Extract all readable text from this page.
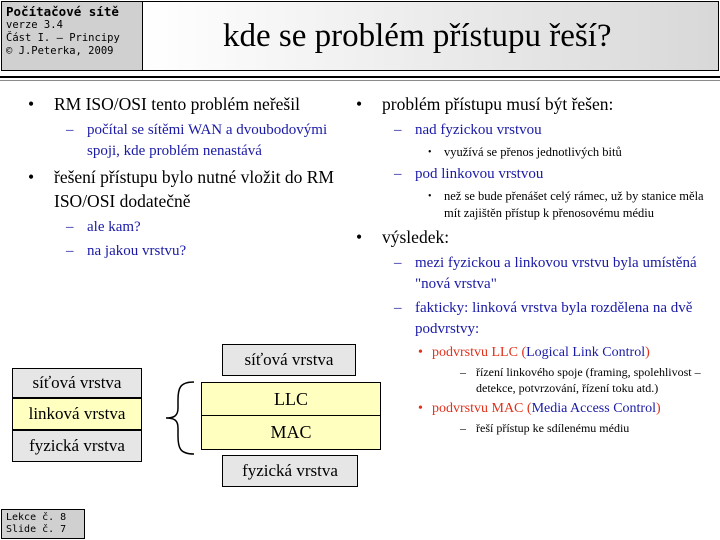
Počítačové sítě
verze 3.4
Část I. – Principy
© J.Peterka, 2009	kde se problém přístupu řeší?
• RM ISO/OSI tento problém neřešil
– počítal se sítěmi WAN a dvoubodovými spoji, kde problém nenastává
• řešení přístupu bylo nutné vložit do RM ISO/OSI dodatečně
– ale kam?
– na jakou vrstvu?
• problém přístupu musí být řešen:
– nad fyzickou vrstvou
• využívá se přenos jednotlivých bitů
– pod linkovou vrstvou
• než se bude přenášet celý rámec, už by stanice měla mít zajištěn přístup k přenosovému médiu
• výsledek:
– mezi fyzickou a linkovou vrstvu byla umístěná "nová vrstva"
– fakticky: linková vrstva byla rozdělena na dvě podvrstvy:
• podvrstvu LLC (Logical Link Control)
– řízení linkového spoje (framing, spolehlivost – detekce, potvrzování, řízení toku atd.)
• podvrstvu MAC (Media Access Control)
– řeší přístup ke sdílenému médiu
síťová vrstva
linková vrstva
fyzická vrstva
síťová vrstva
LLC
MAC
fyzická vrstva
Lekce č. 8
Slide č. 7
